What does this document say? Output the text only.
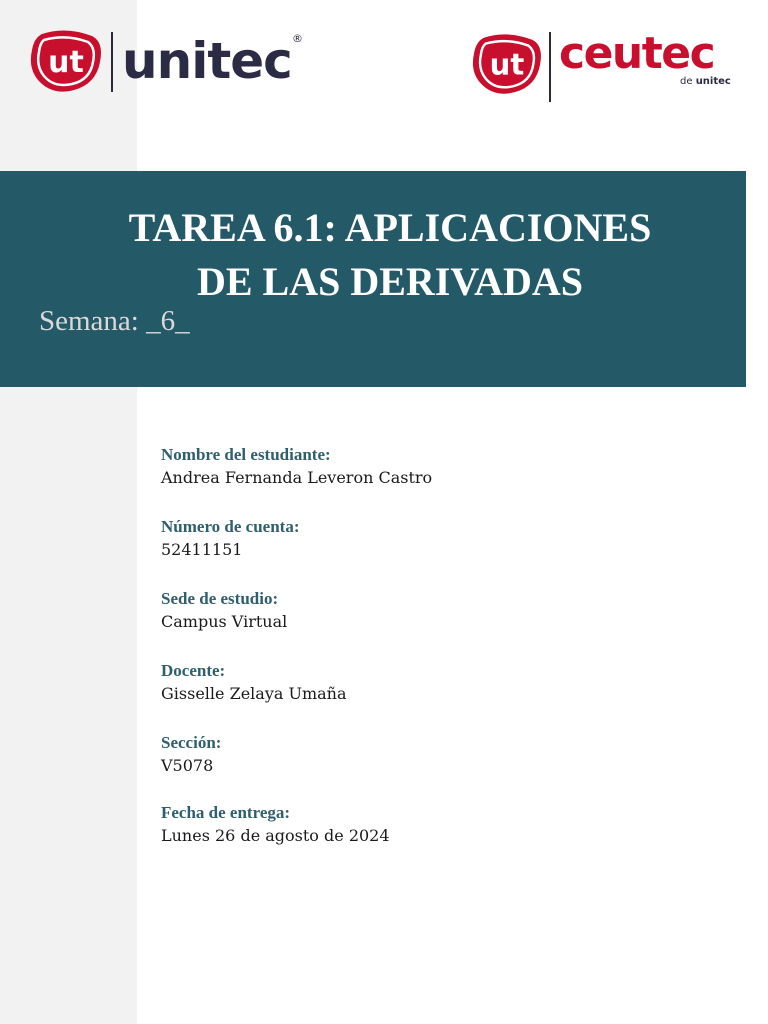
ut unitec ®
ut ceutec
de unitec
TAREA 6.1: APLICACIONES
DE LAS DERIVADAS
Semana: _6_
Nombre del estudiante:
Andrea Fernanda Leveron Castro
Número de cuenta:
52411151
Sede de estudio:
Campus Virtual
Docente:
Gisselle Zelaya Umaña
Sección:
V5078
Fecha de entrega:
Lunes 26 de agosto de 2024
